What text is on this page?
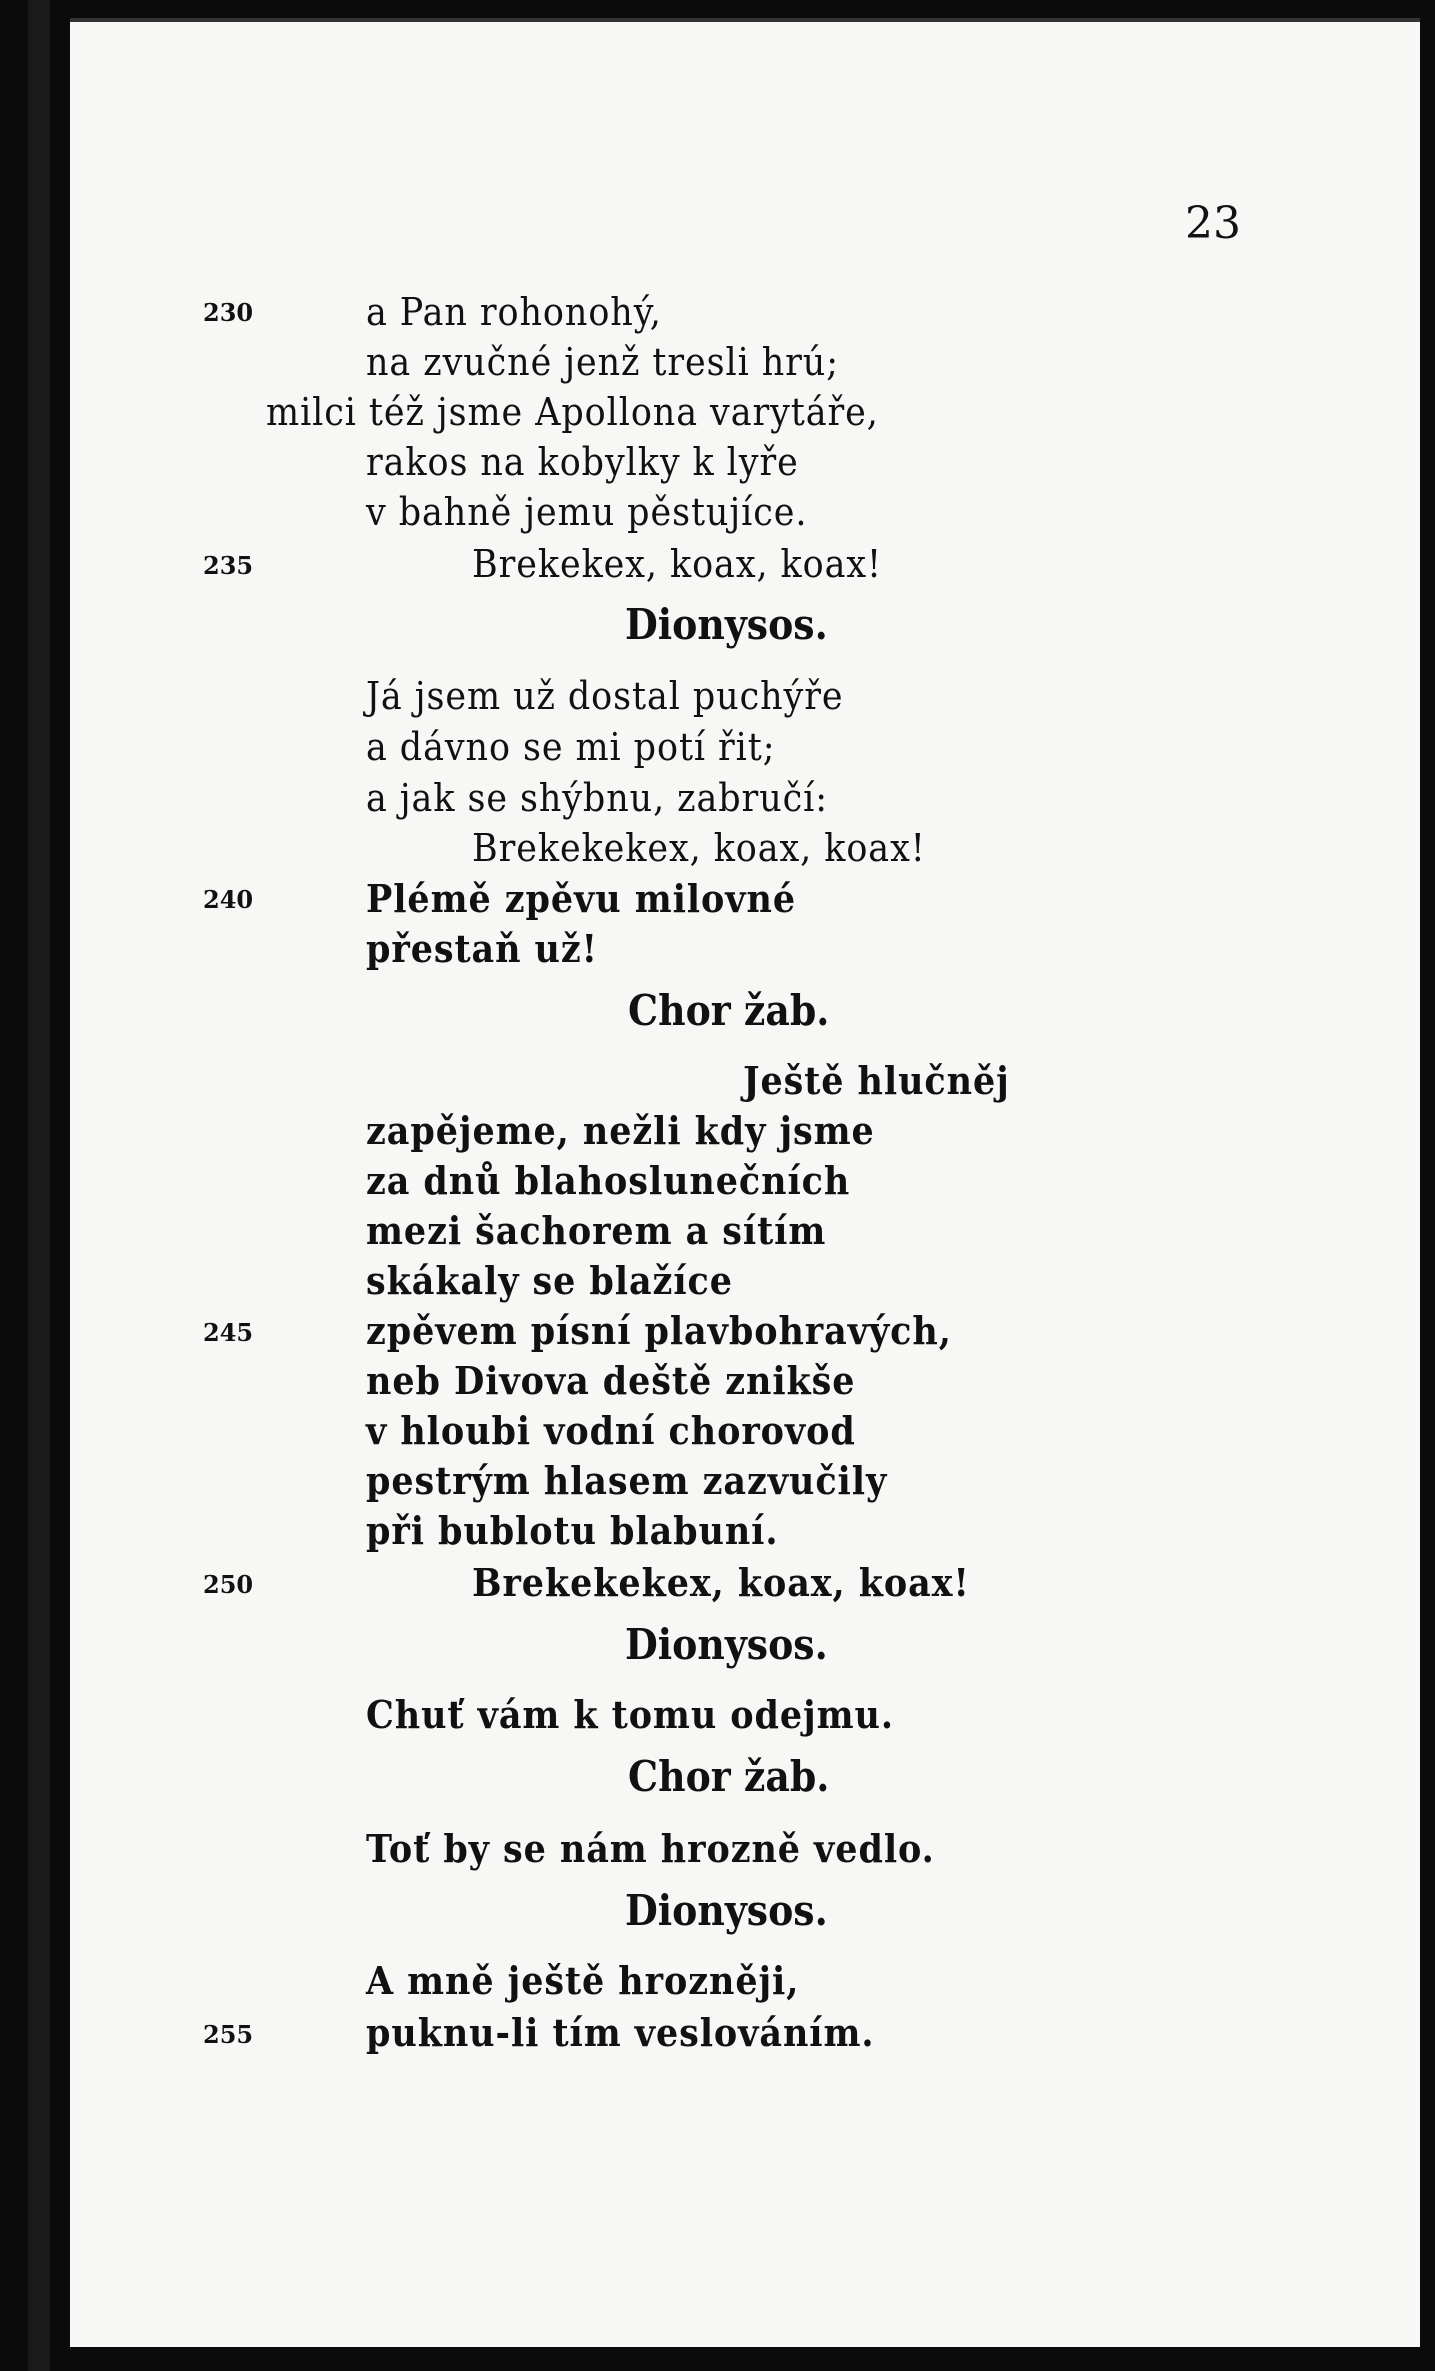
23
230
235
240
245
250
255
a Pan rohonohý,
na zvučné jenž tresli hrú;
milci též jsme Apollona varytáře,
rakos na kobylky k lyře
v bahně jemu pěstujíce.
Brekekex, koax, koax!
Dionysos.
Já jsem už dostal puchýře
a dávno se mi potí řit;
a jak se shýbnu, zabručí:
Brekekekex, koax, koax!
Plémě zpěvu milovné
přestaň už!
Chor žab.
Ještě hlučněj
zapějeme, nežli kdy jsme
za dnů blahoslunečních
mezi šachorem a sítím
skákaly se blažíce
zpěvem písní plavbohravých,
neb Divova deště znikše
v hloubi vodní chorovod
pestrým hlasem zazvučily
při bublotu blabuní.
Brekekekex, koax, koax!
Dionysos.
Chuť vám k tomu odejmu.
Chor žab.
Toť by se nám hrozně vedlo.
Dionysos.
A mně ještě hrozněji,
puknu-li tím veslováním.
